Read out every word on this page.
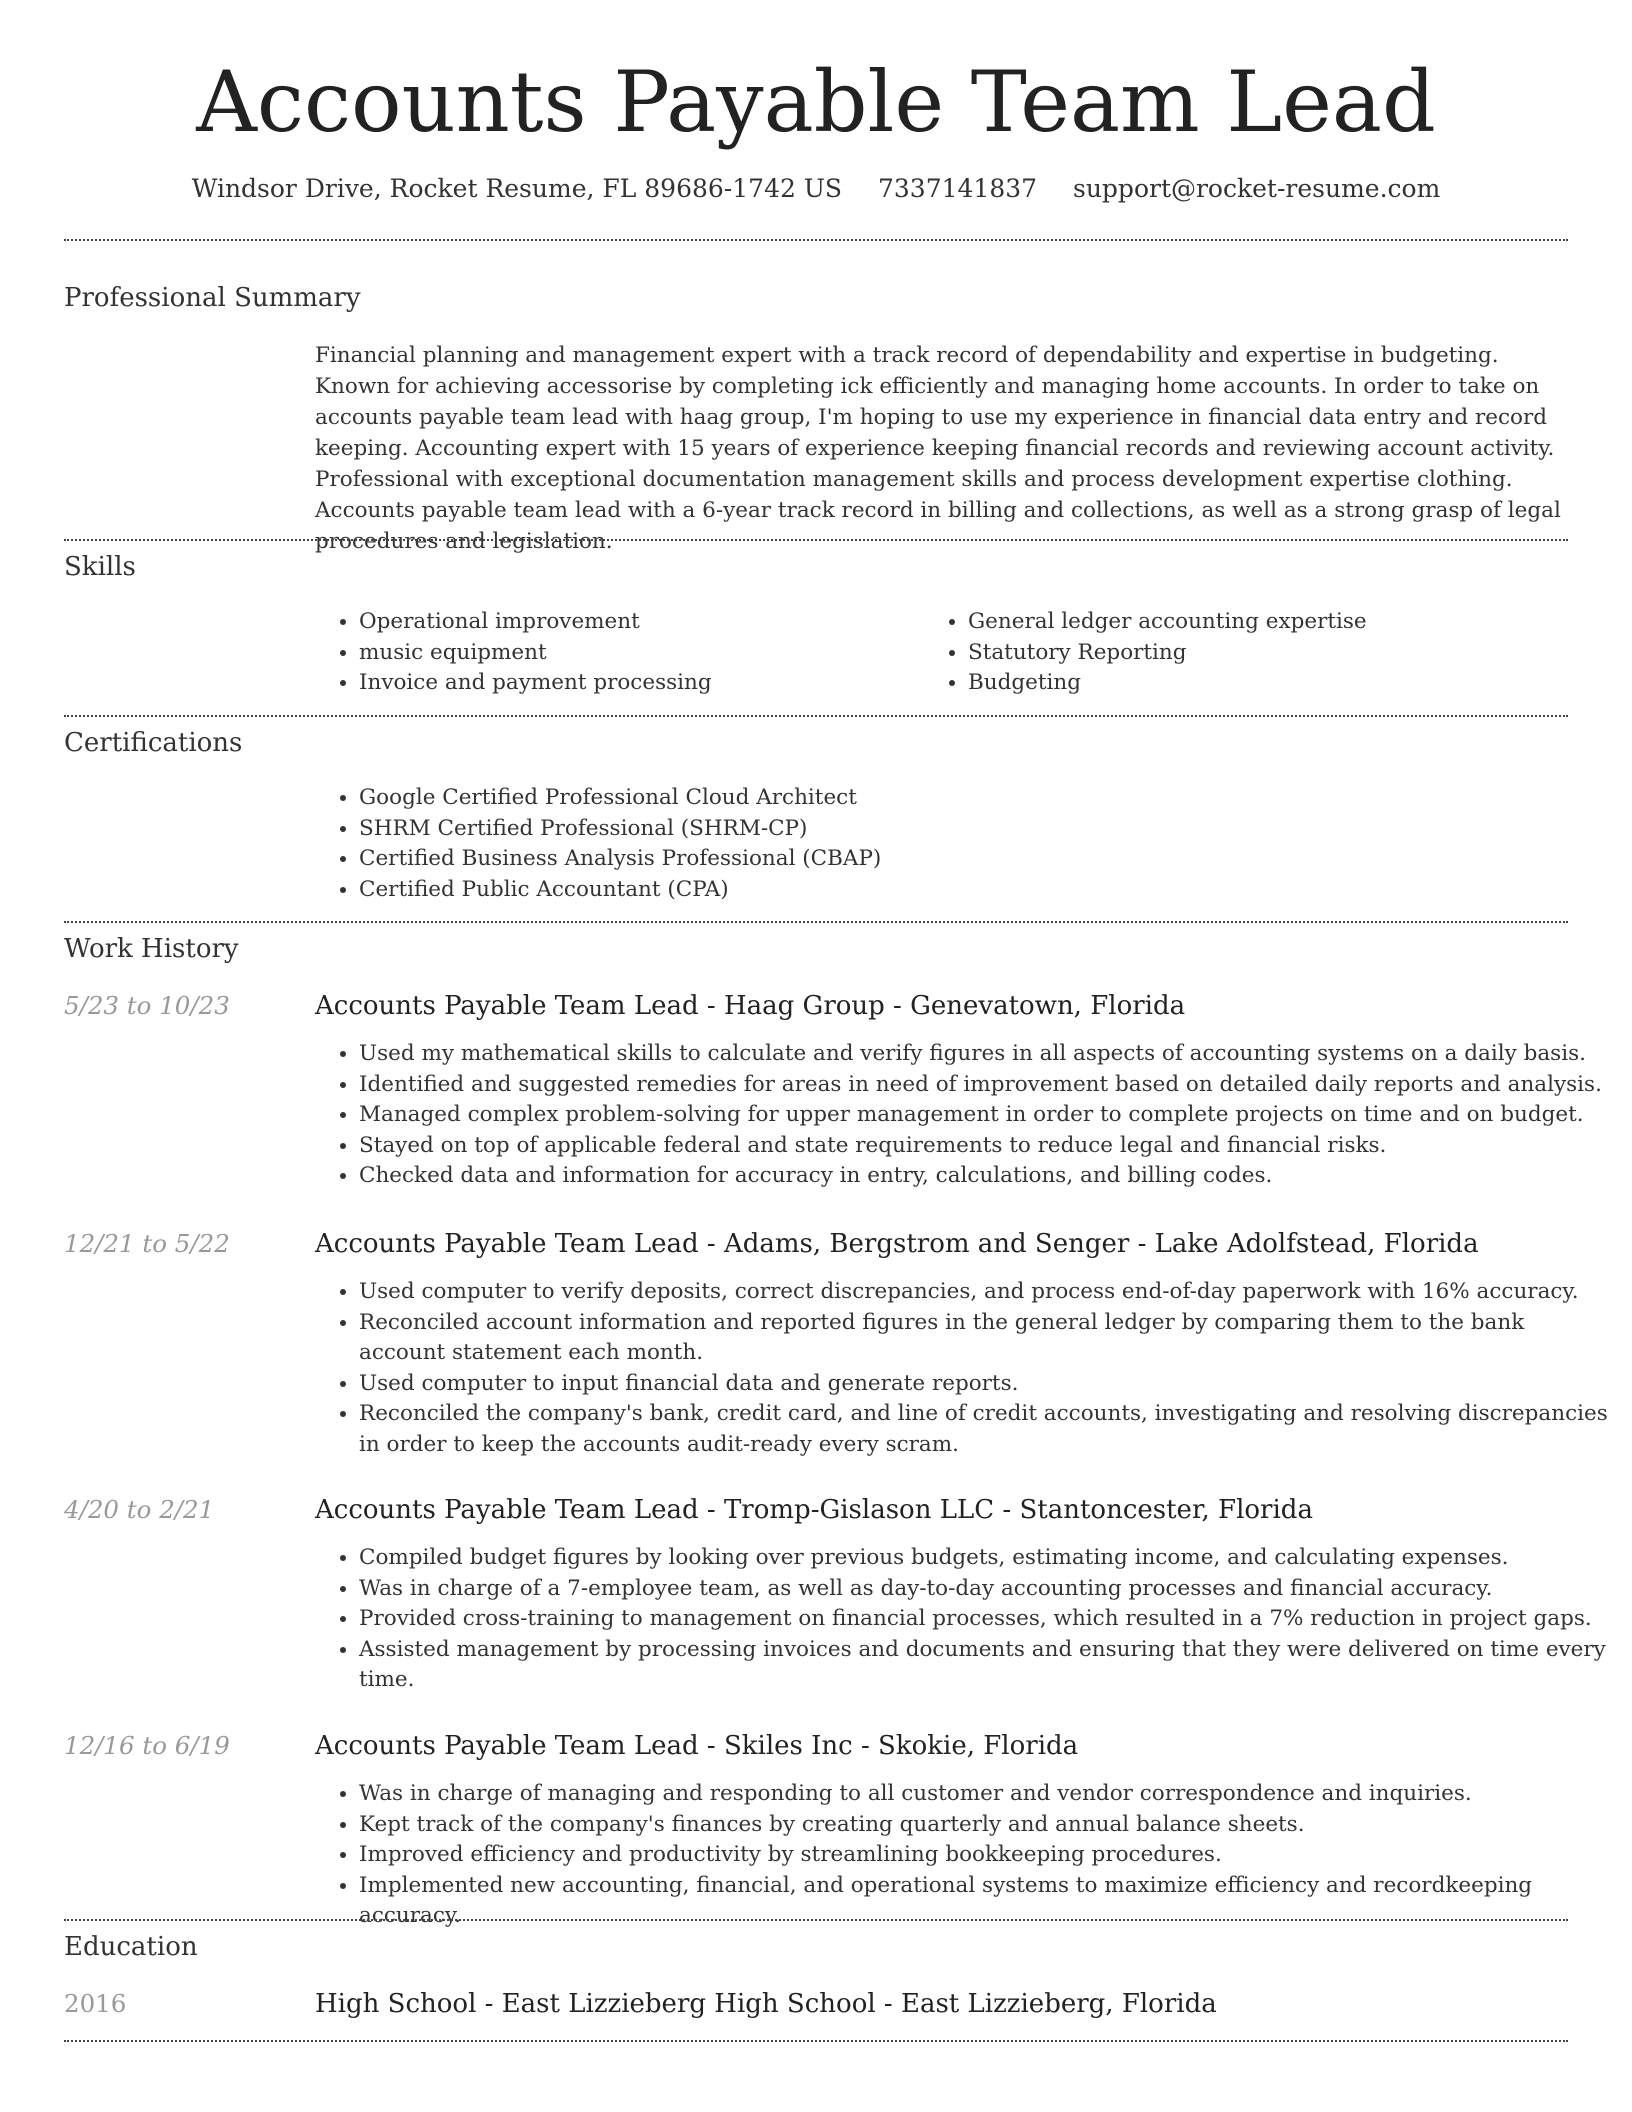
Accounts Payable Team Lead
Windsor Drive, Rocket Resume, FL 89686-1742 US 7337141837 support@rocket-resume.com
Professional Summary

Financial planning and management expert with a track record of dependability and expertise in budgeting. Known for achieving accessorise by completing ick efficiently and managing home accounts. In order to take on accounts payable team lead with haag group, I'm hoping to use my experience in financial data entry and record keeping. Accounting expert with 15 years of experience keeping financial records and reviewing account activity. Professional with exceptional documentation management skills and process development expertise clothing. Accounts payable team lead with a 6-year track record in billing and collections, as well as a strong grasp of legal procedures and legislation.

Skills
• Operational improvement
• music equipment
• Invoice and payment processing
• General ledger accounting expertise
• Statutory Reporting
• Budgeting
Certifications
• Google Certified Professional Cloud Architect
• SHRM Certified Professional (SHRM-CP)
• Certified Business Analysis Professional (CBAP)
• Certified Public Accountant (CPA)
Work History
5/23 to 10/23	Accounts Payable Team Lead - Haag Group - Genevatown, Florida
• Used my mathematical skills to calculate and verify figures in all aspects of accounting systems on a daily basis.
• Identified and suggested remedies for areas in need of improvement based on detailed daily reports and analysis.
• Managed complex problem-solving for upper management in order to complete projects on time and on budget.
• Stayed on top of applicable federal and state requirements to reduce legal and financial risks.
• Checked data and information for accuracy in entry, calculations, and billing codes.
12/21 to 5/22	Accounts Payable Team Lead - Adams, Bergstrom and Senger - Lake Adolfstead, Florida
• Used computer to verify deposits, correct discrepancies, and process end-of-day paperwork with 16% accuracy.
• Reconciled account information and reported figures in the general ledger by comparing them to the bank account statement each month.
• Used computer to input financial data and generate reports.
• Reconciled the company's bank, credit card, and line of credit accounts, investigating and resolving discrepancies in order to keep the accounts audit-ready every scram.
4/20 to 2/21	Accounts Payable Team Lead - Tromp-Gislason LLC - Stantoncester, Florida
• Compiled budget figures by looking over previous budgets, estimating income, and calculating expenses.
• Was in charge of a 7-employee team, as well as day-to-day accounting processes and financial accuracy.
• Provided cross-training to management on financial processes, which resulted in a 7% reduction in project gaps.
• Assisted management by processing invoices and documents and ensuring that they were delivered on time every time.
12/16 to 6/19	Accounts Payable Team Lead - Skiles Inc - Skokie, Florida
• Was in charge of managing and responding to all customer and vendor correspondence and inquiries.
• Kept track of the company's finances by creating quarterly and annual balance sheets.
• Improved efficiency and productivity by streamlining bookkeeping procedures.
• Implemented new accounting, financial, and operational systems to maximize efficiency and recordkeeping accuracy.
Education
2016	High School - East Lizzieberg High School - East Lizzieberg, Florida
